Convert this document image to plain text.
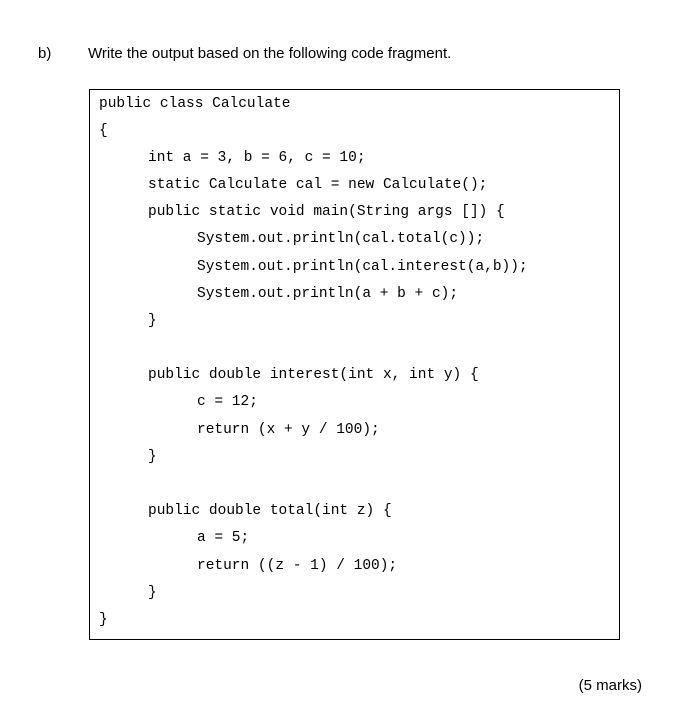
b) Write the output based on the following code fragment.
public class Calculate
{
int a = 3, b = 6, c = 10;
static Calculate cal = new Calculate();
public static void main(String args []) {
System.out.println(cal.total(c));
System.out.println(cal.interest(a,b));
System.out.println(a + b + c);
}
public double interest(int x, int y) {
c = 12;
return (x + y / 100);
}
public double total(int z) {
a = 5;
return ((z - 1) / 100);
}
}
(5 marks)
